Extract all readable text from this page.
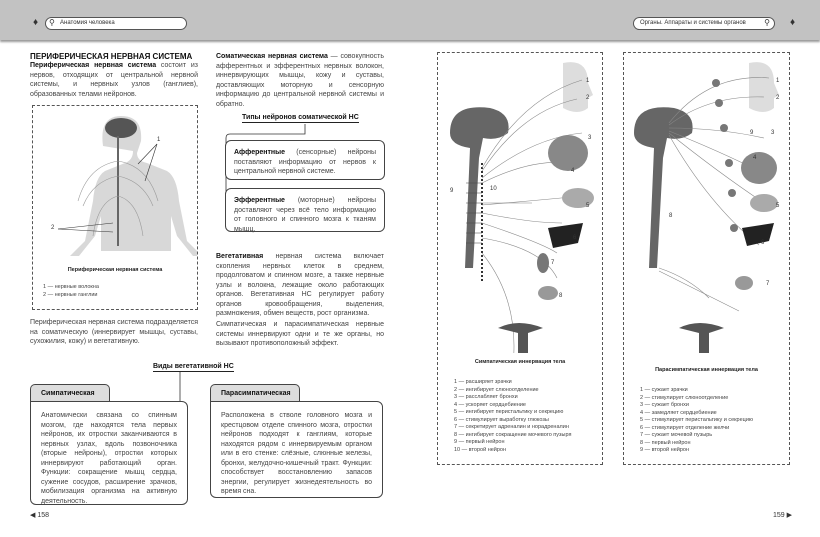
♦ ⚲ Анатомия человека	Органы. Аппараты и системы органов ⚲ ♦
ПЕРИФЕРИЧЕСКАЯ НЕРВНАЯ СИСТЕМА

Периферическая нервная система состоит из нервов, отходящих от центральной нервной системы, и нервных узлов (ганглиев), образованных телами нейронов.

1
2
Периферическая нервная система
1 — нервные волокна
2 — нервные ганглии

Периферическая нервная система подразделяется на соматическую (иннервирует мышцы, суставы, сухожилия, кожу) и вегетативную.

Соматическая нервная система — совокупность афферентных и эфферентных нервных волокон, иннервирующих мышцы, кожу и суставы, доставляющих моторную и сенсорную информацию до центральной нервной системы и обратно.

Типы нейронов соматической НС
Афферентные (сенсорные) нейроны поставляют информацию от нервов к центральной нервной системе.
Эфферентные (моторные) нейроны доставляют через всё тело информацию от головного и спинного мозга к тканям мышц.

Вегетативная нервная система включает скопления нервных клеток в среднем, продолговатом и спинном мозге, а также нервные узлы и волокна, лежащие около работающих органов. Вегетативная НС регулирует работу органов кровообращения, выделения, размножения, обмен веществ, рост организма.

Симпатическая и парасимпатическая нервные системы иннервируют одни и те же органы, но вызывают противоположный эффект.

Виды вегетативной НС
Симпатическая
Анатомически связана со спинным мозгом, где находятся тела первых нейронов, их отростки заканчиваются в нервных узлах, вдоль позвоночника (вторые нейроны), отростки которых иннервируют работающий орган. Функции: сокращение мышц сердца, сужение сосудов, расширение зрачков, мобилизация организма на активную деятельность.
Парасимпатическая
Расположена в стволе головного мозга и крестцовом отделе спинного мозга, отростки нейронов подходят к ганглиям, которые находятся рядом с иннервируемым органом или в его стенке: слёзные, слюнные железы, бронхи, желудочно-кишечный тракт. Функции: способствует восстановлению запасов энергии, регулирует жизнедеятельность во время сна.
◀ 158	159 ▶
1
2
3
4
5
6
7
8
9	10
Симпатическая иннервация тела
1 — расширяет зрачки
2 — ингибирует слюноотделение
3 — расслабляет бронхи
4 — ускоряет сердцебиение
5 — ингибирует перистальтику и секрецию
6 — стимулирует выработку глюкозы
7 — секретирует адреналин и норадреналин
8 — ингибирует сокращение мочевого пузыря
9 — первый нейрон
10 — второй нейрон
1
2
3
4
5
6
7
8
9
Парасимпатическая иннервация тела
1 — сужает зрачки
2 — стимулирует слюноотделение
3 — сужает бронхи
4 — замедляет сердцебиение
5 — стимулирует перистальтику и секрецию
6 — стимулирует отделение желчи
7 — сужает мочевой пузырь
8 — первый нейрон
9 — второй нейрон
